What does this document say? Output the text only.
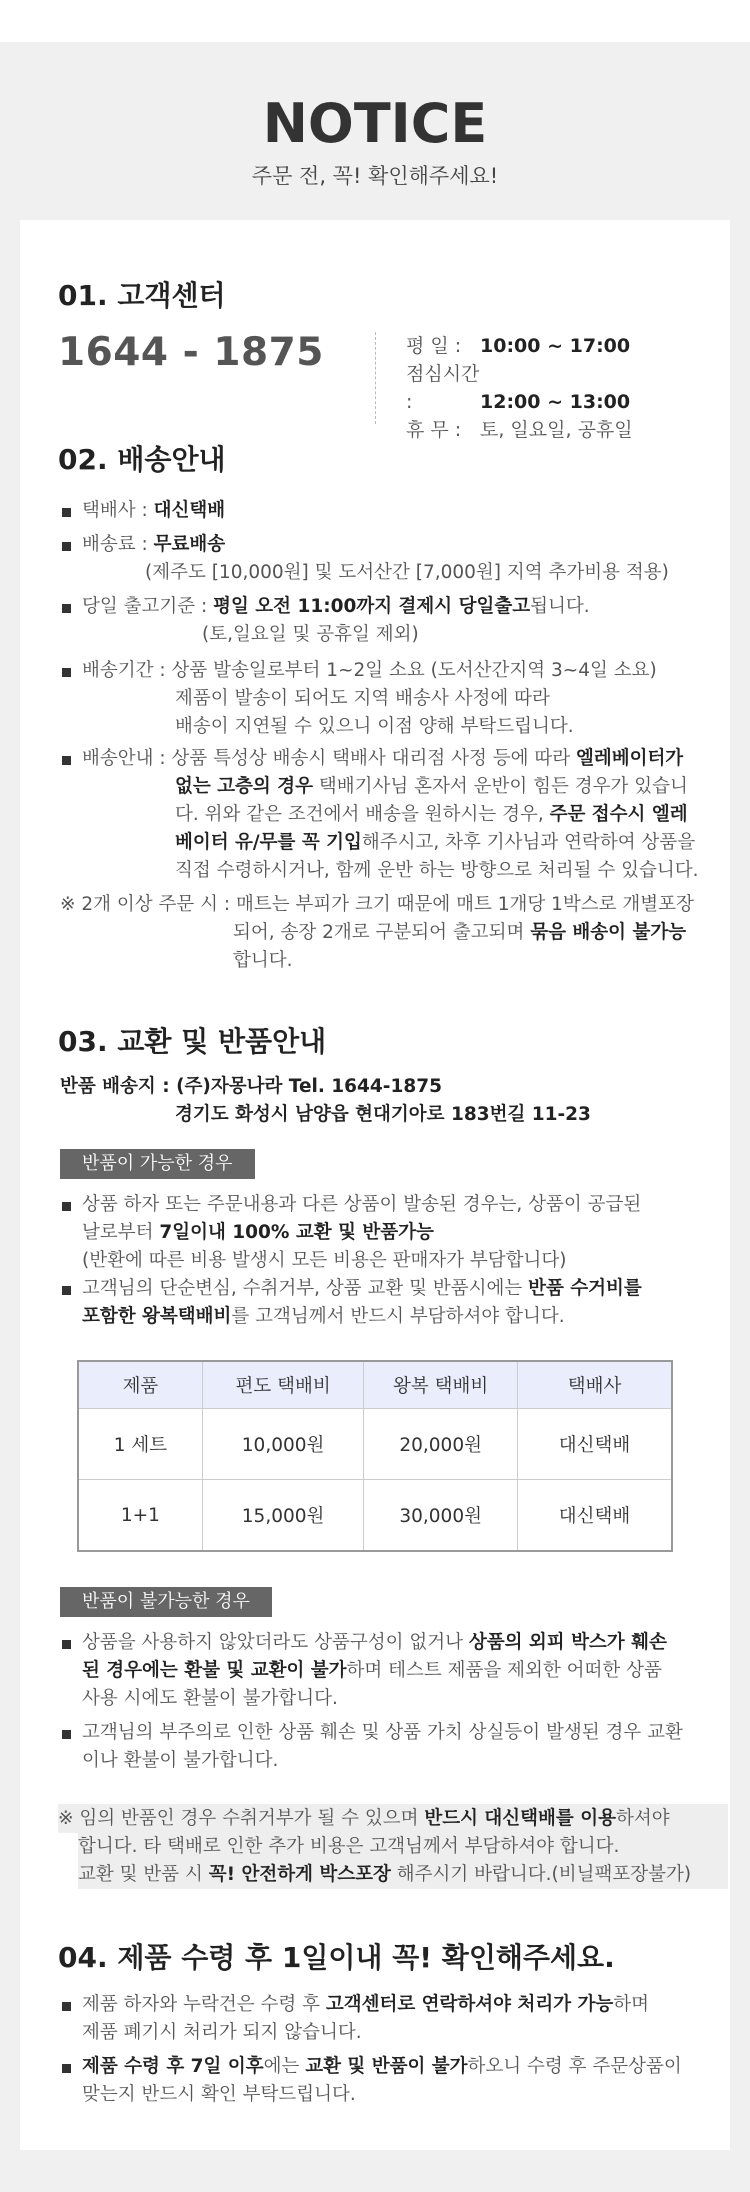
NOTICE
주문 전, 꼭! 확인해주세요!
01. 고객센터
1644 - 1875	평 일 : 10:00 ~ 17:00
점심시간 :	12:00 ~ 13:00
휴 무 : 토, 일요일, 공휴일
02. 배송안내
택배사 : 대신택배
배송료 : 무료배송
(제주도 [10,000원] 및 도서산간 [7,000원] 지역 추가비용 적용)
당일 출고기준 : 평일 오전 11:00까지 결제시 당일출고됩니다.
(토,일요일 및 공휴일 제외)
배송기간 : 상품 발송일로부터 1~2일 소요 (도서산간지역 3~4일 소요)
제품이 발송이 되어도 지역 배송사 사정에 따라
배송이 지연될 수 있으니 이점 양해 부탁드립니다.
배송안내 : 상품 특성상 배송시 택배사 대리점 사정 등에 따라 엘레베이터가
없는 고층의 경우 택배기사님 혼자서 운반이 힘든 경우가 있습니
다. 위와 같은 조건에서 배송을 원하시는 경우, 주문 접수시 엘레
베이터 유/무를 꼭 기입해주시고, 차후 기사님과 연락하여 상품을
직접 수령하시거나, 함께 운반 하는 방향으로 처리될 수 있습니다.
※ 2개 이상 주문 시 : 매트는 부피가 크기 때문에 매트 1개당 1박스로 개별포장
되어, 송장 2개로 구분되어 출고되며 묶음 배송이 불가능
합니다.
03. 교환 및 반품안내
반품 배송지 : (주)자몽나라 Tel. 1644-1875
경기도 화성시 남양읍 현대기아로 183번길 11-23
반품이 가능한 경우
상품 하자 또는 주문내용과 다른 상품이 발송된 경우는, 상품이 공급된
날로부터 7일이내 100% 교환 및 반품가능
(반환에 따른 비용 발생시 모든 비용은 판매자가 부담합니다)
고객님의 단순변심, 수취거부, 상품 교환 및 반품시에는 반품 수거비를
포함한 왕복택배비를 고객님께서 반드시 부담하셔야 합니다.
제품	편도 택배비	왕복 택배비	택배사
1 세트	10,000원	20,000원	대신택배
1+1	15,000원	30,000원	대신택배
반품이 불가능한 경우
상품을 사용하지 않았더라도 상품구성이 없거나 상품의 외피 박스가 훼손
된 경우에는 환불 및 교환이 불가하며 테스트 제품을 제외한 어떠한 상품
사용 시에도 환불이 불가합니다.
고객님의 부주의로 인한 상품 훼손 및 상품 가치 상실등이 발생된 경우 교환
이나 환불이 불가합니다.
※ 임의 반품인 경우 수취거부가 될 수 있으며 반드시 대신택배를 이용하셔야
합니다. 타 택배로 인한 추가 비용은 고객님께서 부담하셔야 합니다.
교환 및 반품 시 꼭! 안전하게 박스포장 해주시기 바랍니다.(비닐팩포장불가)
04. 제품 수령 후 1일이내 꼭! 확인해주세요.
제품 하자와 누락건은 수령 후 고객센터로 연락하셔야 처리가 가능하며
제품 폐기시 처리가 되지 않습니다.
제품 수령 후 7일 이후에는 교환 및 반품이 불가하오니 수령 후 주문상품이
맞는지 반드시 확인 부탁드립니다.
